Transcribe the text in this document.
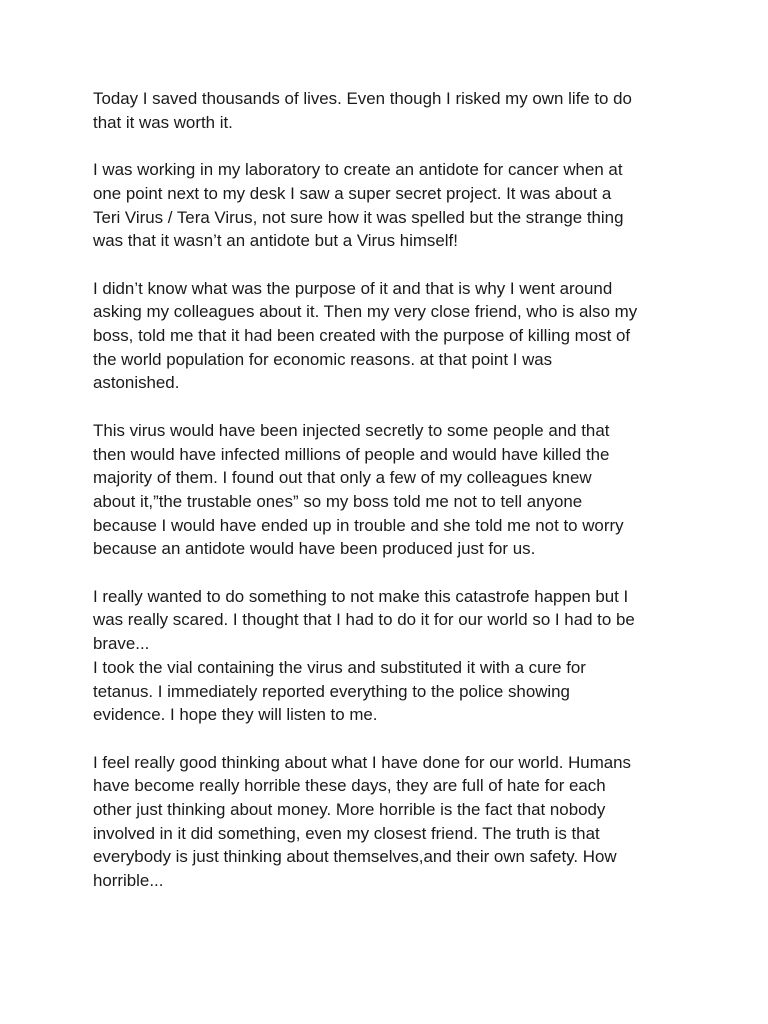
Today I saved thousands of lives. Even though I risked my own life to do
that it was worth it.

I was working in my laboratory to create an antidote for cancer when at
one point next to my desk I saw a super secret project. It was about a
Teri Virus / Tera Virus, not sure how it was spelled but the strange thing
was that it wasn’t an antidote but a Virus himself!

I didn’t know what was the purpose of it and that is why I went around
asking my colleagues about it. Then my very close friend, who is also my
boss, told me that it had been created with the purpose of killing most of
the world population for economic reasons. at that point I was
astonished.

This virus would have been injected secretly to some people and that
then would have infected millions of people and would have killed the
majority of them. I found out that only a few of my colleagues knew
about it,”the trustable ones” so my boss told me not to tell anyone
because I would have ended up in trouble and she told me not to worry
because an antidote would have been produced just for us.

I really wanted to do something to not make this catastrofe happen but I
was really scared. I thought that I had to do it for our world so I had to be
brave...

I took the vial containing the virus and substituted it with a cure for
tetanus. I immediately reported everything to the police showing
evidence. I hope they will listen to me.

I feel really good thinking about what I have done for our world. Humans
have become really horrible these days, they are full of hate for each
other just thinking about money. More horrible is the fact that nobody
involved in it did something, even my closest friend. The truth is that
everybody is just thinking about themselves,and their own safety. How
horrible...
